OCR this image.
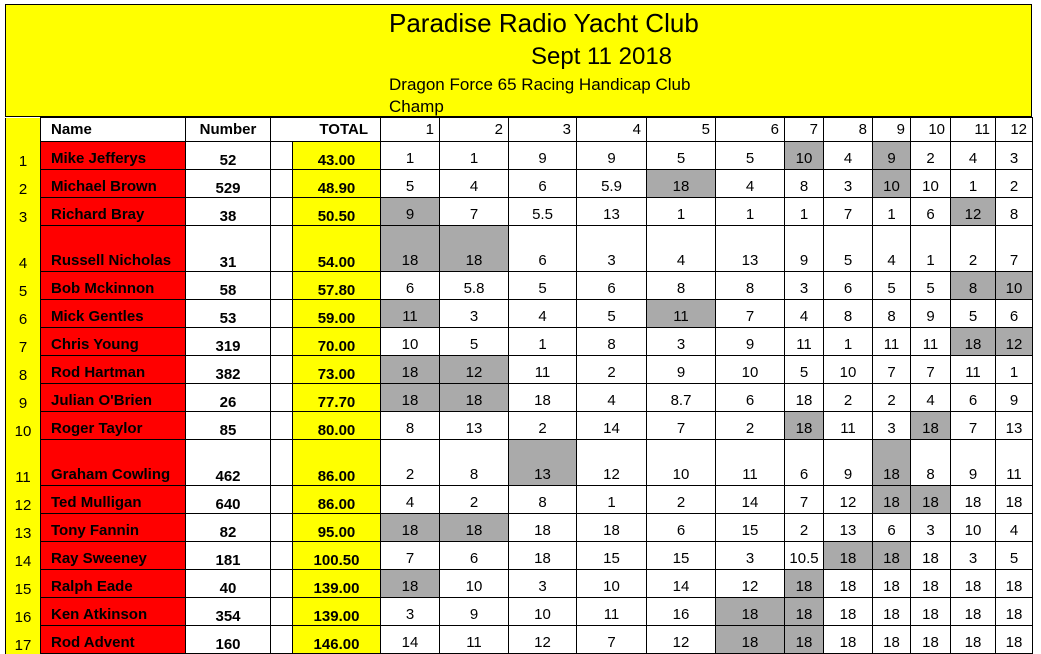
Paradise Radio Yacht Club
Sept 11 2018
Dragon Force 65 Racing Handicap Club
Champ
	Name	Number		TOTAL	1	2	3	4	5	6	7	8	9	10	11	12
1	Mike Jefferys	52		43.00	1	1	9	9	5	5	10	4	9	2	4	3
2	Michael Brown	529		48.90	5	4	6	5.9	18	4	8	3	10	10	1	2
3	Richard Bray	38		50.50	9	7	5.5	13	1	1	1	7	1	6	12	8
4	Russell Nicholas	31		54.00	18	18	6	3	4	13	9	5	4	1	2	7
5	Bob Mckinnon	58		57.80	6	5.8	5	6	8	8	3	6	5	5	8	10
6	Mick Gentles	53		59.00	11	3	4	5	11	7	4	8	8	9	5	6
7	Chris Young	319		70.00	10	5	1	8	3	9	11	1	11	11	18	12
8	Rod Hartman	382		73.00	18	12	11	2	9	10	5	10	7	7	11	1
9	Julian O'Brien	26		77.70	18	18	18	4	8.7	6	18	2	2	4	6	9
10	Roger Taylor	85		80.00	8	13	2	14	7	2	18	11	3	18	7	13
11	Graham Cowling	462		86.00	2	8	13	12	10	11	6	9	18	8	9	11
12	Ted Mulligan	640		86.00	4	2	8	1	2	14	7	12	18	18	18	18
13	Tony Fannin	82		95.00	18	18	18	18	6	15	2	13	6	3	10	4
14	Ray Sweeney	181		100.50	7	6	18	15	15	3	10.5	18	18	18	3	5
15	Ralph Eade	40		139.00	18	10	3	10	14	12	18	18	18	18	18	18
16	Ken Atkinson	354		139.00	3	9	10	11	16	18	18	18	18	18	18	18
17	Rod Advent	160		146.00	14	11	12	7	12	18	18	18	18	18	18	18
